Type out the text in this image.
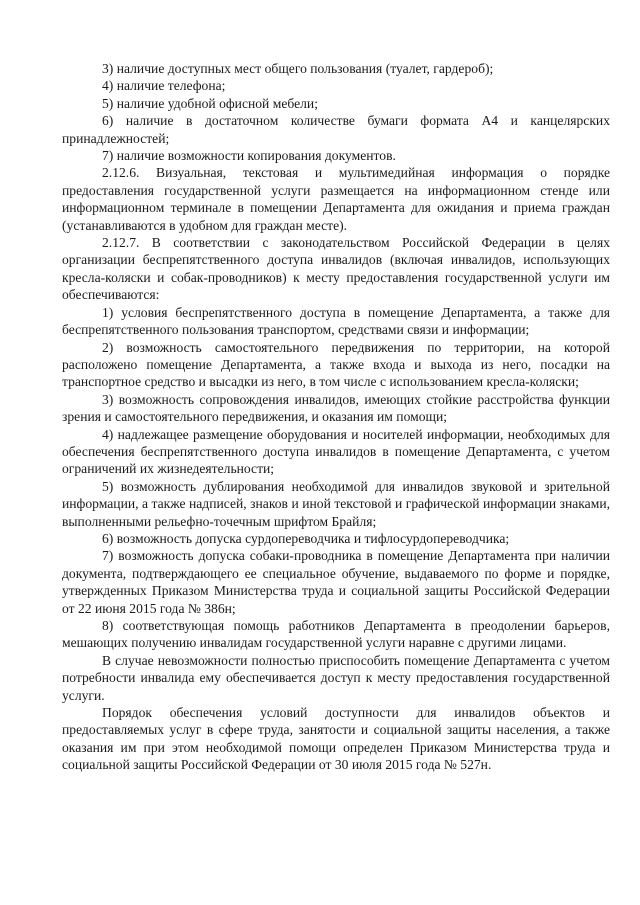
3) наличие доступных мест общего пользования (туалет, гардероб);

4) наличие телефона;

5) наличие удобной офисной мебели;

6) наличие в достаточном количестве бумаги формата А4 и канцелярских принадлежностей;

7) наличие возможности копирования документов.

2.12.6. Визуальная, текстовая и мультимедийная информация о порядке предоставления государственной услуги размещается на информационном стенде или информационном терминале в помещении Департамента для ожидания и приема граждан (устанавливаются в удобном для граждан месте).

2.12.7. В соответствии с законодательством Российской Федерации в целях организации беспрепятственного доступа инвалидов (включая инвалидов, использующих кресла-коляски и собак-проводников) к месту предоставления государственной услуги им обеспечиваются:

1) условия беспрепятственного доступа в помещение Департамента, а также для беспрепятственного пользования транспортом, средствами связи и информации;

2) возможность самостоятельного передвижения по территории, на которой расположено помещение Департамента, а также входа и выхода из него, посадки на транспортное средство и высадки из него, в том числе с использованием кресла-коляски;

3) возможность сопровождения инвалидов, имеющих стойкие расстройства функции зрения и самостоятельного передвижения, и оказания им помощи;

4) надлежащее размещение оборудования и носителей информации, необходимых для обеспечения беспрепятственного доступа инвалидов в помещение Департамента, с учетом ограничений их жизнедеятельности;

5) возможность дублирования необходимой для инвалидов звуковой и зрительной информации, а также надписей, знаков и иной текстовой и графической информации знаками, выполненными рельефно-точечным шрифтом Брайля;

6) возможность допуска сурдопереводчика и тифлосурдопереводчика;

7) возможность допуска собаки-проводника в помещение Департамента при наличии документа, подтверждающего ее специальное обучение, выдаваемого по форме и порядке, утвержденных Приказом Министерства труда и социальной защиты Российской Федерации от 22 июня 2015 года № 386н;

8) соответствующая помощь работников Департамента в преодолении барьеров, мешающих получению инвалидам государственной услуги наравне с другими лицами.

В случае невозможности полностью приспособить помещение Департамента с учетом потребности инвалида ему обеспечивается доступ к месту предоставления государственной услуги.

Порядок обеспечения условий доступности для инвалидов объектов и предоставляемых услуг в сфере труда, занятости и социальной защиты населения, а также оказания им при этом необходимой помощи определен Приказом Министерства труда и социальной защиты Российской Федерации от 30 июля 2015 года № 527н.
